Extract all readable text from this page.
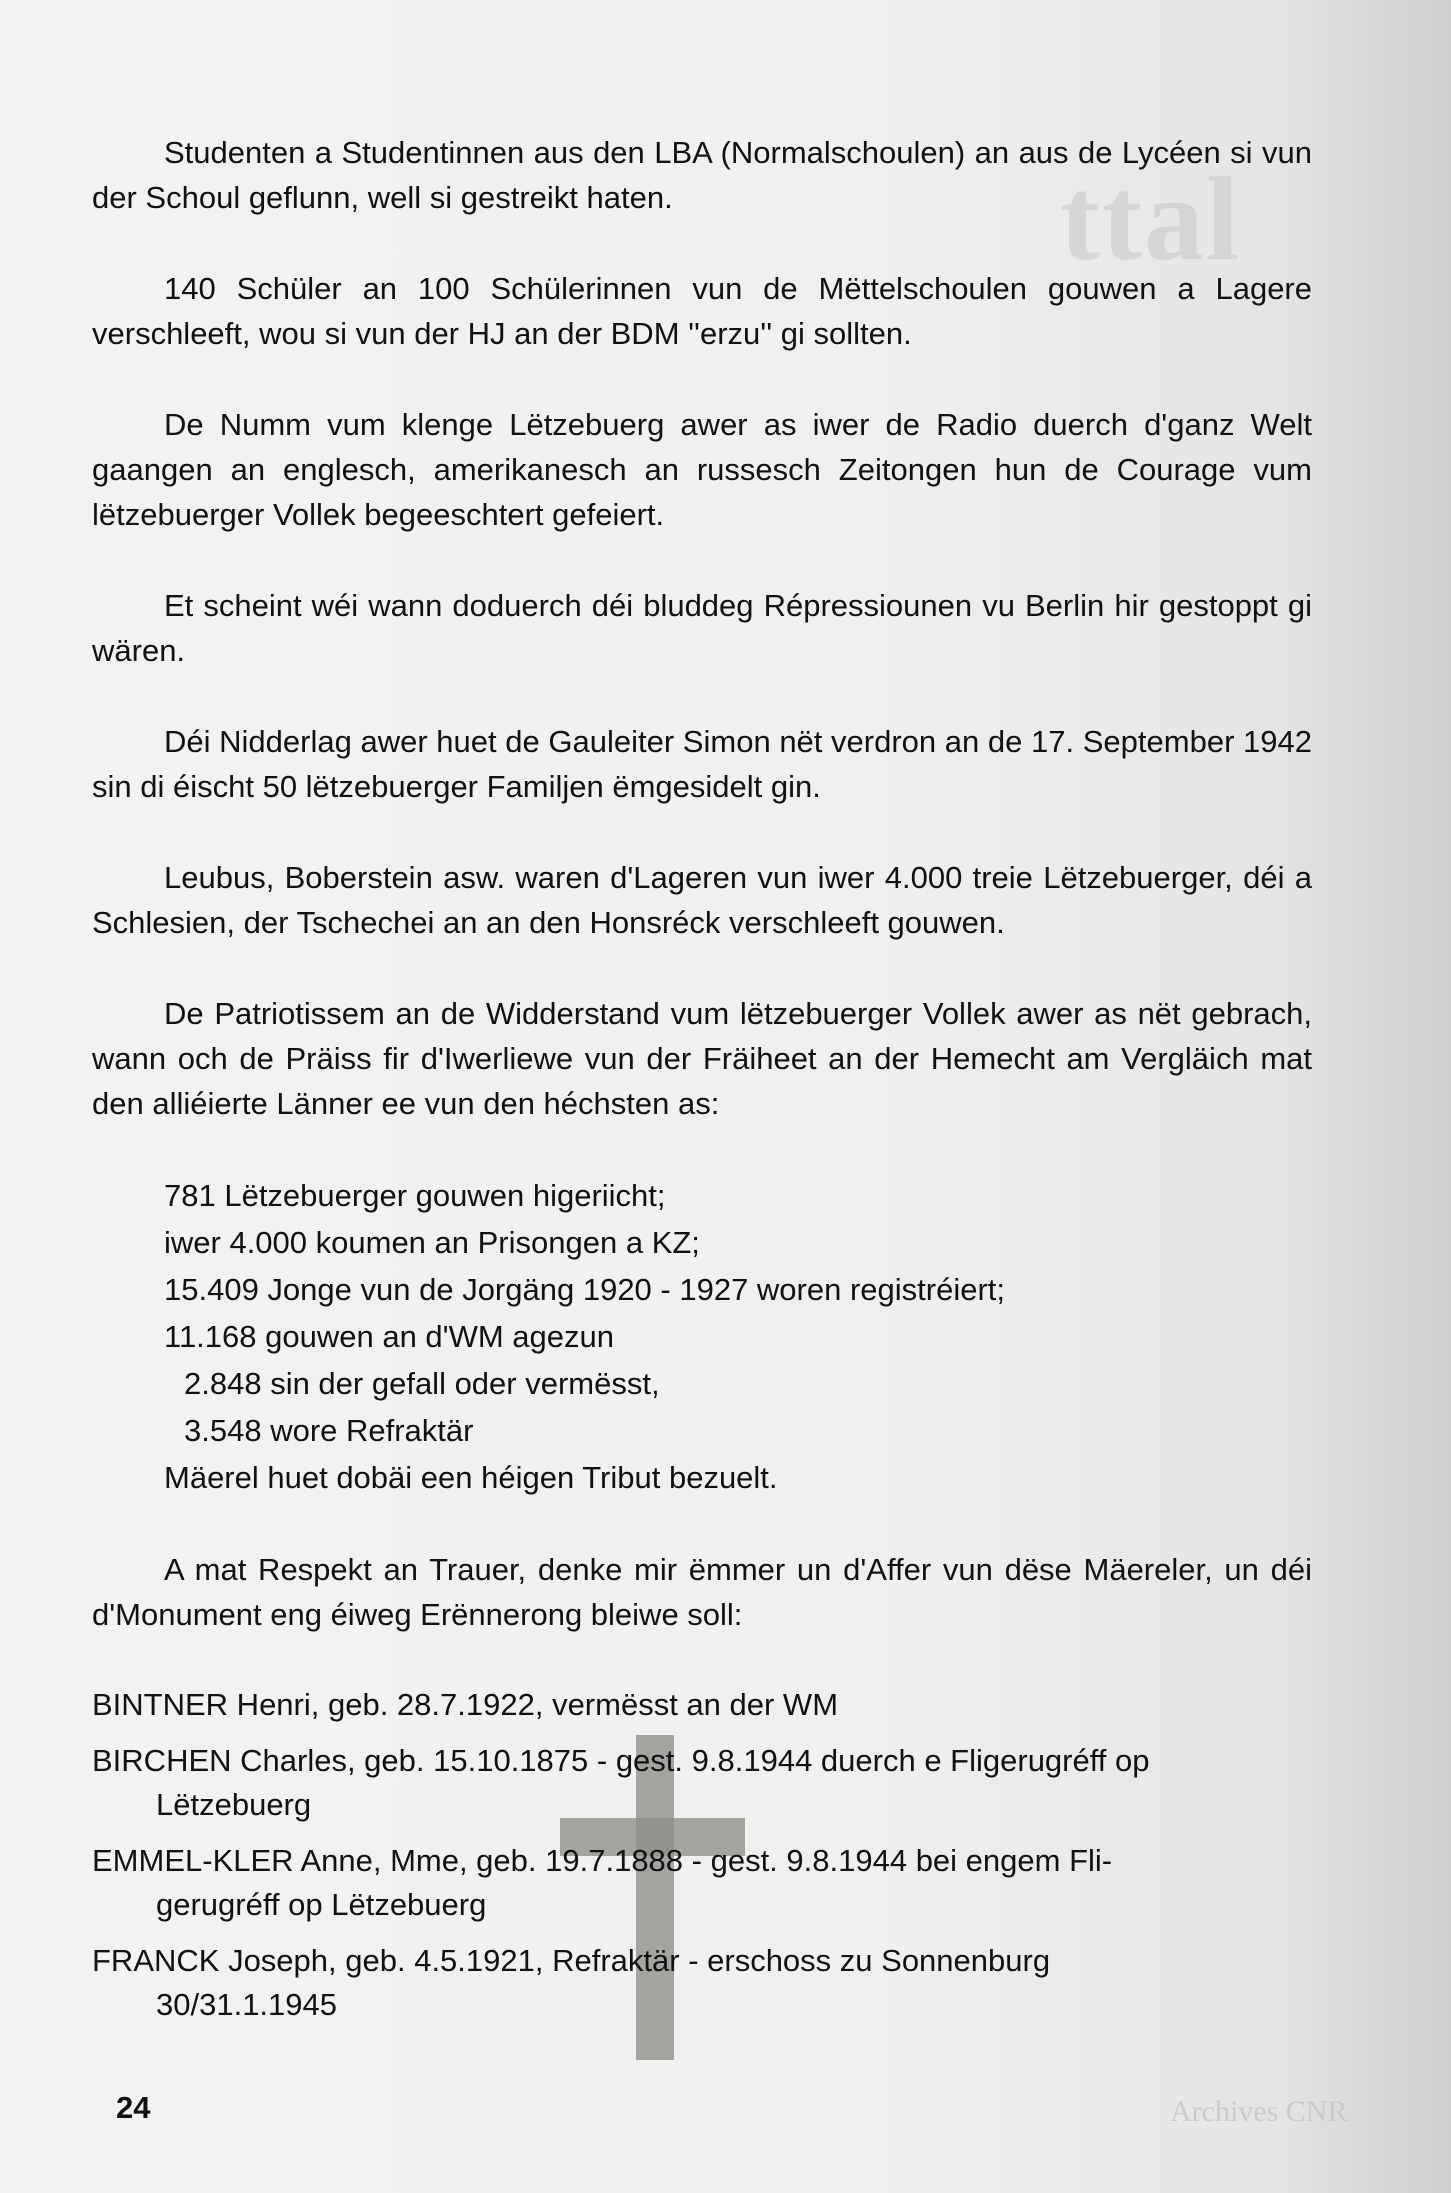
ttal
Archives CNR

Studenten a Studentinnen aus den LBA (Normalschoulen) an aus de Lycéen si vun der Schoul geflunn, well si gestreikt haten.

140 Schüler an 100 Schülerinnen vun de Mëttelschoulen gouwen a Lagere verschleeft, wou si vun der HJ an der BDM ''erzu'' gi sollten.

De Numm vum klenge Lëtzebuerg awer as iwer de Radio duerch d'ganz Welt gaangen an englesch, amerikanesch an russesch Zeitongen hun de Courage vum lëtzebuerger Vollek begeeschtert gefeiert.

Et scheint wéi wann doduerch déi bluddeg Répressiounen vu Berlin hir gestoppt gi wären.

Déi Nidderlag awer huet de Gauleiter Simon nët verdron an de 17. September 1942 sin di éischt 50 lëtzebuerger Familjen ëmgesidelt gin.

Leubus, Boberstein asw. waren d'Lageren vun iwer 4.000 treie Lëtzebuerger, déi a Schlesien, der Tschechei an an den Honsréck verschleeft gouwen.

De Patriotissem an de Widderstand vum lëtzebuerger Vollek awer as nët gebrach, wann och de Präiss fir d'Iwerliewe vun der Fräiheet an der Hemecht am Vergläich mat den alliéierte Länner ee vun den héchsten as:

781 Lëtzebuerger gouwen higeriicht;
iwer 4.000 koumen an Prisongen a KZ;
15.409 Jonge vun de Jorgäng 1920 - 1927 woren registréiert;
11.168 gouwen an d'WM agezun
2.848 sin der gefall oder vermësst,
3.548 wore Refraktär
Mäerel huet dobäi een héigen Tribut bezuelt.

A mat Respekt an Trauer, denke mir ëmmer un d'Affer vun dëse Mäereler, un déi d'Monument eng éiweg Erënnerong bleiwe soll:

BINTNER Henri, geb. 28.7.1922, vermësst an der WM
BIRCHEN Charles, geb. 15.10.1875 - gest. 9.8.1944 duerch e Fligerugréff op
Lëtzebuerg
EMMEL-KLER Anne, Mme, geb. 19.7.1888 - gest. 9.8.1944 bei engem Fli-
gerugréff op Lëtzebuerg
FRANCK Joseph, geb. 4.5.1921, Refraktär - erschoss zu Sonnenburg
30/31.1.1945
24
